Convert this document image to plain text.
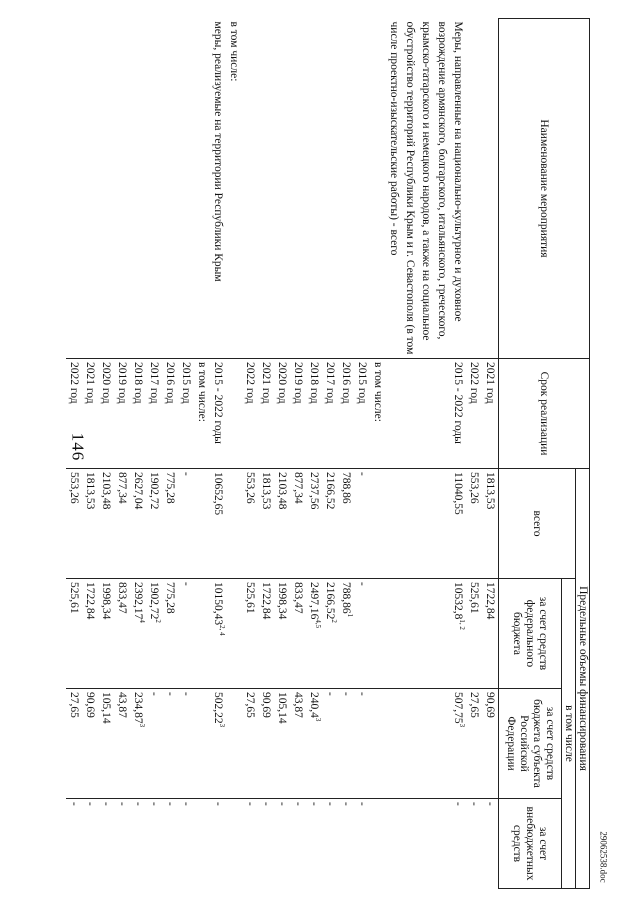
146
Наименование мероприятия	Срок реализации	Предельные объемы финансирования			
		всего	в том числе		
			за счет средств федерального бюджета	за счет средств бюджета субъекта Российской Федерации	за счет внебюджетных средств
	2021 год	1813,53	1722,84	90,69	-
	2022 год	553,26	525,61	27,65	-
Меры, направленные на национально-культурное и духовное возрождение армянского, болгарского, итальянского, греческого, крымско-татарского и немецкого народов, а также на социальное обустройство территорий Республики Крым и г. Севастополя (в том числе проектно-изыскательские работы) - всего	2015 - 2022 годы	11040,55	10532,8$^{1, 2}$	507,75$^3$	-
	в том числе:				
	2015 год	-	-	-	-
	2016 год	788,86	788,86$^1$	-	-
	2017 год	2166,52	2166,52$^2$	-	-
	2018 год	2737,56	2497,16$^{4,5}$	240,4$^3$	-
	2019 год	877,34	833,47	43,87	-
	2020 год	2103,48	1998,34	105,14	-
	2021 год	1813,53	1722,84	90,69	-
	2022 год	553,26	525,61	27,65	-
в том числе:					
меры, реализуемые на территории Республики Крым	2015 - 2022 годы	10652,65	10150,43$^{2, 4}$	502,22$^3$	-
	в том числе:				
	2015 год	-	-	-	-
	2016 год	775,28	775,28	-	-
	2017 год	1902,72	1902,72$^2$	-	-
	2018 год	2627,04	2392,17$^4$	234,87$^3$	-
	2019 год	877,34	833,47	43,87	-
	2020 год	2103,48	1998,34	105,14	-
	2021 год	1813,53	1722,84	90,69	-
	2022 год	553,26	525,61	27,65	-
29062538.doc
